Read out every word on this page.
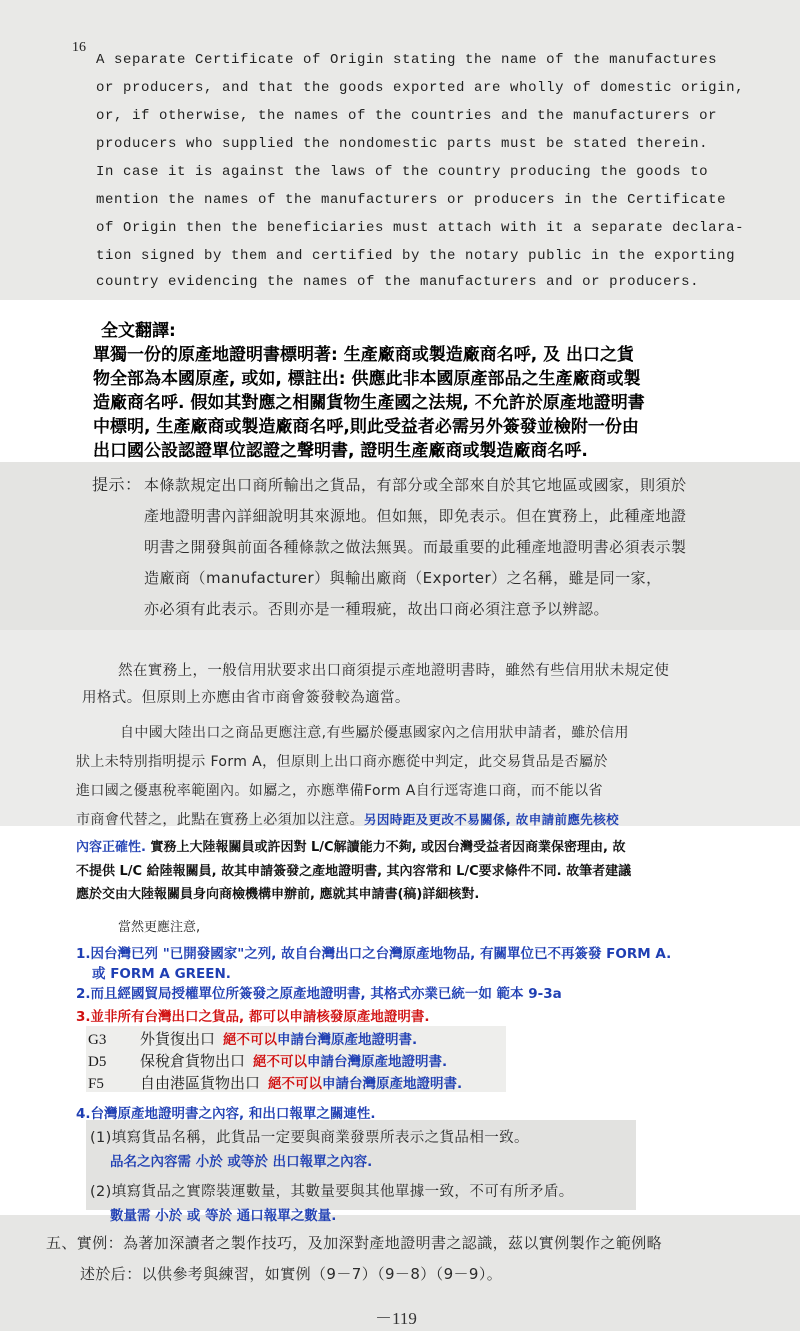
16
A separate Certificate of Origin stating the name of the manufactures
or producers, and that the goods exported are wholly of domestic origin,
or, if otherwise, the names of the countries and the manufacturers or
producers who supplied the nondomestic parts must be stated therein.
In case it is against the laws of the country producing the goods to
mention the names of the manufacturers or producers in the Certificate
of Origin then the beneficiaries must attach with it a separate declara-
tion signed by them and certified by the notary public in the exporting
country evidencing the names of the manufacturers and or producers.
全文翻譯:
單獨一份的原產地證明書標明著: 生產廠商或製造廠商名呼, 及 出口之貨
物全部為本國原產, 或如, 標註出: 供應此非本國原產部品之生產廠商或製
造廠商名呼. 假如其對應之相關貨物生產國之法規, 不允許於原產地證明書
中標明, 生產廠商或製造廠商名呼,則此受益者必需另外簽發並檢附一份由
出口國公設認證單位認證之聲明書, 證明生產廠商或製造廠商名呼.
提示： 本條款規定出口商所輸出之貨品，有部分或全部來自於其它地區或國家，則須於
產地證明書內詳細說明其來源地。但如無，即免表示。但在實務上，此種產地證
明書之開發與前面各種條款之做法無異。而最重要的此種產地證明書必須表示製
造廠商（manufacturer）與輸出廠商（Exporter）之名稱，雖是同一家，
亦必須有此表示。否則亦是一種瑕疵，故出口商必須注意予以辨認。
然在實務上，一般信用狀要求出口商須提示產地證明書時，雖然有些信用狀未規定使
用格式。但原則上亦應由省市商會簽發較為適當。
自中國大陸出口之商品更應注意,有些屬於優惠國家內之信用狀申請者，雖於信用
狀上未特別指明提示 Form A，但原則上出口商亦應從中判定，此交易貨品是否屬於
進口國之優惠稅率範圍內。如屬之，亦應準備Form A自行逕寄進口商，而不能以省
市商會代替之，此點在實務上必須加以注意。另因時距及更改不易關係, 故申請前應先核校
內容正確性. 實務上大陸報關員或許因對 L/C解讀能力不夠, 或因台灣受益者因商業保密理由, 故
不提供 L/C 給陸報關員, 故其申請簽發之產地證明書, 其內容常和 L/C要求條件不同. 故筆者建議
應於交由大陸報關員身向商檢機構申辦前, 應就其申請書(稿)詳細核對.
當然更應注意,
1.因台灣已列 "已開發國家"之列, 故自台灣出口之台灣原產地物品, 有關單位已不再簽發 FORM A.
或 FORM A GREEN.
2.而且經國貿局授權單位所簽發之原產地證明書, 其格式亦業已統一如 範本 9-3a
3.並非所有台灣出口之貨品, 都可以申請核發原產地證明書.
G3 外貨復出口 絕不可以申請台灣原產地證明書.
D5 保稅倉貨物出口 絕不可以申請台灣原產地證明書.
F5 自由港區貨物出口 絕不可以申請台灣原產地證明書.
4.台灣原產地證明書之內容, 和出口報單之關連性.
(1)填寫貨品名稱，此貨品一定要與商業發票所表示之貨品相一致。
品名之內容需 小於 或等於 出口報單之內容.
(2)填寫貨品之實際裝運數量，其數量要與其他單據一致，不可有所矛盾。
數量需 小於 或 等於 通口報單之數量.
五、實例：為著加深讀者之製作技巧，及加深對產地證明書之認識，茲以實例製作之範例略
述於后：以供參考與練習，如實例（9－7）（9－8）（9－9）。
－119
